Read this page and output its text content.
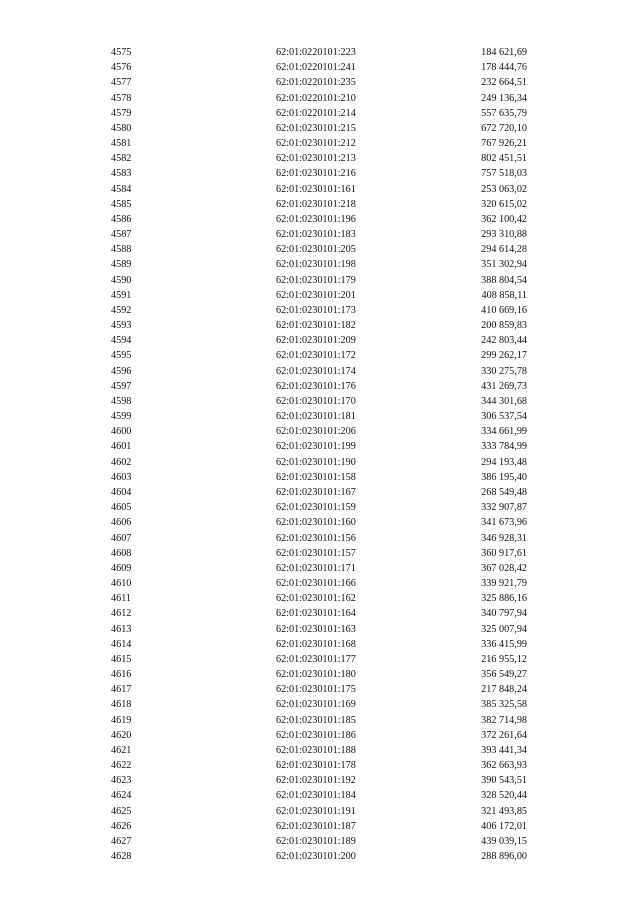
4575	62:01:0220101:223	184 621,69
4576	62:01:0220101:241	178 444,76
4577	62:01:0220101:235	232 664,51
4578	62:01:0220101:210	249 136,34
4579	62:01:0220101:214	557 635,79
4580	62:01:0230101:215	672 720,10
4581	62:01:0230101:212	767 926,21
4582	62:01:0230101:213	802 451,51
4583	62:01:0230101:216	757 518,03
4584	62:01:0230101:161	253 063,02
4585	62:01:0230101:218	320 615,02
4586	62:01:0230101:196	362 100,42
4587	62:01:0230101:183	293 310,88
4588	62:01:0230101:205	294 614,28
4589	62:01:0230101:198	351 302,94
4590	62:01:0230101:179	388 804,54
4591	62:01:0230101:201	408 858,11
4592	62:01:0230101:173	410 669,16
4593	62:01:0230101:182	200 859,83
4594	62:01:0230101:209	242 803,44
4595	62:01:0230101:172	299 262,17
4596	62:01:0230101:174	330 275,78
4597	62:01:0230101:176	431 269,73
4598	62:01:0230101:170	344 301,68
4599	62:01:0230101:181	306 537,54
4600	62:01:0230101:206	334 661,99
4601	62:01:0230101:199	333 784,99
4602	62:01:0230101:190	294 193,48
4603	62:01:0230101:158	386 195,40
4604	62:01:0230101:167	268 549,48
4605	62:01:0230101:159	332 907,87
4606	62:01:0230101:160	341 673,96
4607	62:01:0230101:156	346 928,31
4608	62:01:0230101:157	360 917,61
4609	62:01:0230101:171	367 028,42
4610	62:01:0230101:166	339 921,79
4611	62:01:0230101:162	325 886,16
4612	62:01:0230101:164	340 797,94
4613	62:01:0230101:163	325 007,94
4614	62:01:0230101:168	336 415,99
4615	62:01:0230101:177	216 955,12
4616	62:01:0230101:180	356 549,27
4617	62:01:0230101:175	217 848,24
4618	62:01:0230101:169	385 325,58
4619	62:01:0230101:185	382 714,98
4620	62:01:0230101:186	372 261,64
4621	62:01:0230101:188	393 441,34
4622	62:01:0230101:178	362 663,93
4623	62:01:0230101:192	390 543,51
4624	62:01:0230101:184	328 520,44
4625	62:01:0230101:191	321 493,85
4626	62:01:0230101:187	406 172,01
4627	62:01:0230101:189	439 039,15
4628	62:01:0230101:200	288 896,00
